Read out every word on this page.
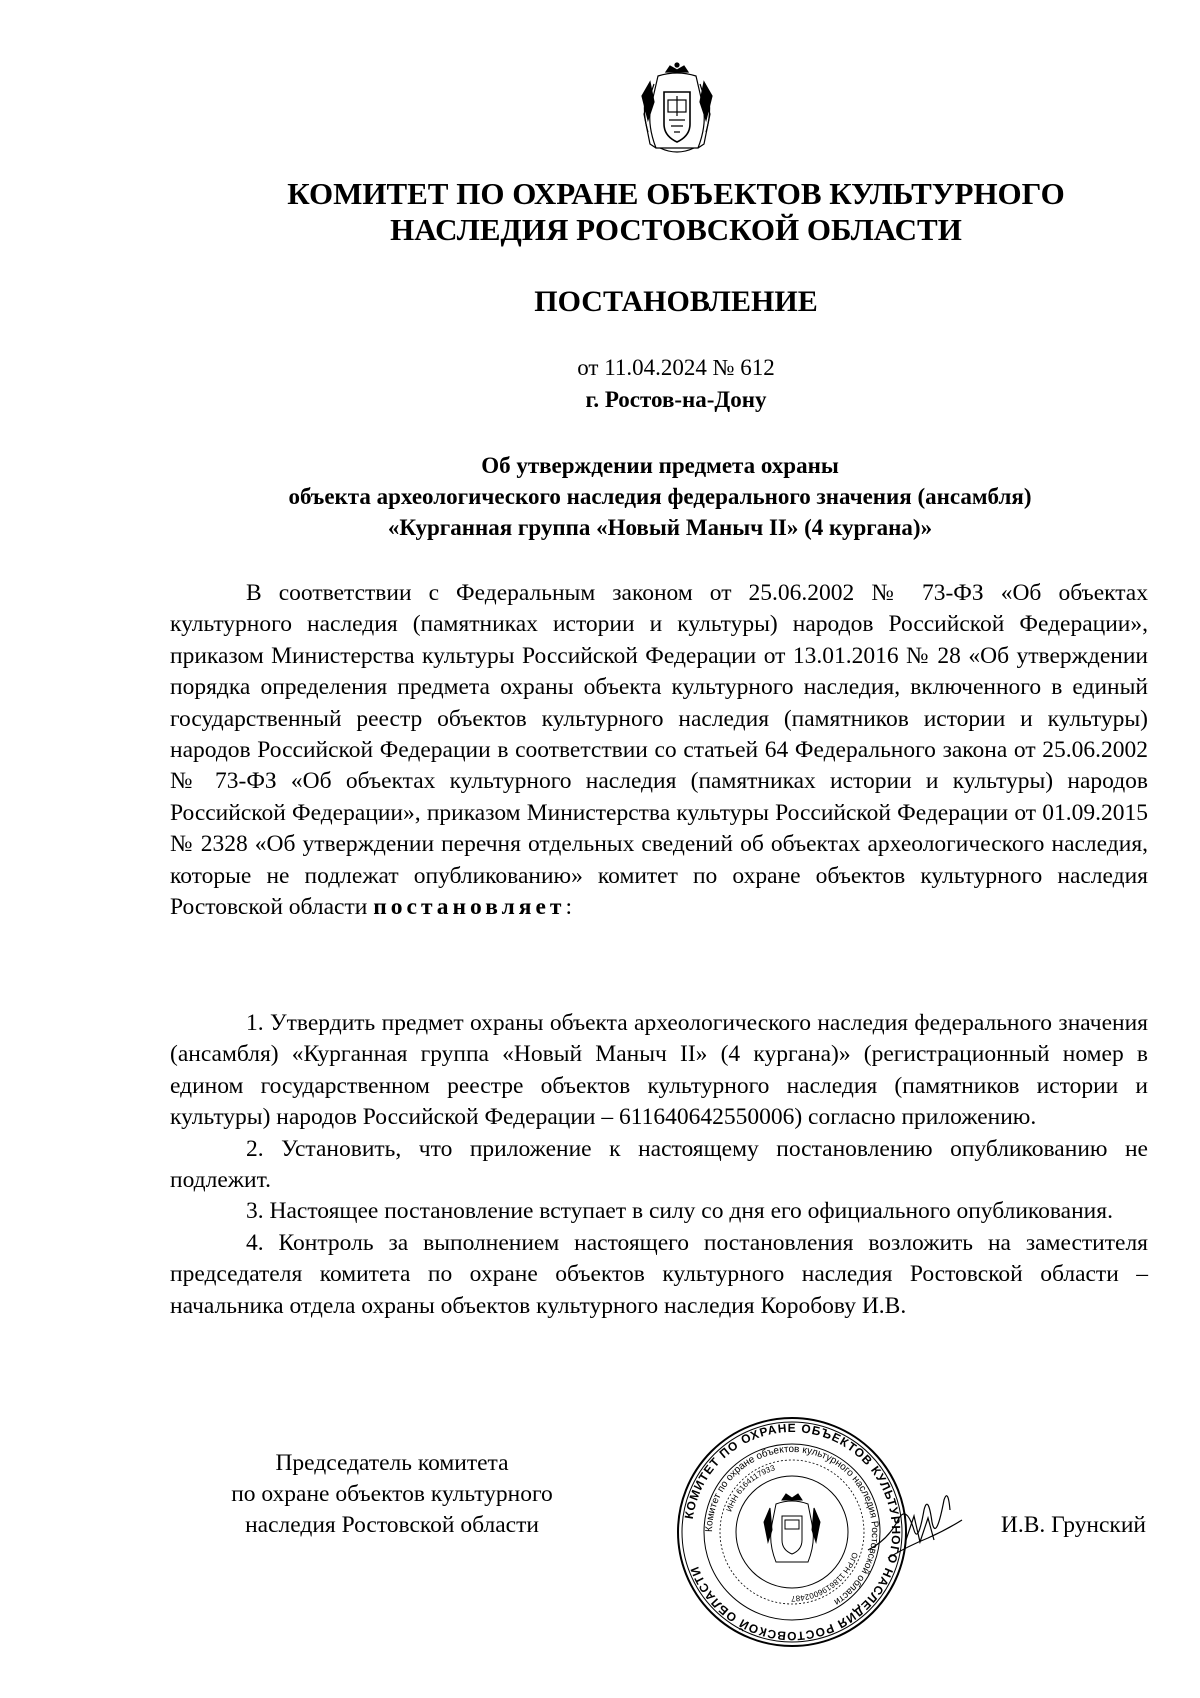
КОМИТЕТ ПО ОХРАНЕ ОБЪЕКТОВ КУЛЬТУРНОГО
НАСЛЕДИЯ РОСТОВСКОЙ ОБЛАСТИ
ПОСТАНОВЛЕНИЕ
от 11.04.2024 № 612
г. Ростов-на-Дону
Об утверждении предмета охраны
объекта археологического наследия федерального значения (ансамбля)
«Курганная группа «Новый Маныч II» (4 кургана)»

В соответствии с Федеральным законом от 25.06.2002 № 73-ФЗ «Об объектах культурного наследия (памятниках истории и культуры) народов Российской Федерации», приказом Министерства культуры Российской Федерации от 13.01.2016 № 28 «Об утверждении порядка определения предмета охраны объекта культурного наследия, включенного в единый государственный реестр объектов культурного наследия (памятников истории и культуры) народов Российской Федерации в соответствии со статьей 64 Федерального закона от 25.06.2002 № 73-ФЗ «Об объектах культурного наследия (памятниках истории и культуры) народов Российской Федерации», приказом Министерства культуры Российской Федерации от 01.09.2015 № 2328 «Об утверждении перечня отдельных сведений об объектах археологического наследия, которые не подлежат опубликованию» комитет по охране объектов культурного наследия Ростовской области постановляет:

1. Утвердить предмет охраны объекта археологического наследия федерального значения (ансамбля) «Курганная группа «Новый Маныч II» (4 кургана)» (регистрационный номер в едином государственном реестре объектов культурного наследия (памятников истории и культуры) народов Российской Федерации – 611640642550006) согласно приложению.

2. Установить, что приложение к настоящему постановлению опубликованию не подлежит.

3. Настоящее постановление вступает в силу со дня его официального опубликования.

4. Контроль за выполнением настоящего постановления возложить на заместителя председателя комитета по охране объектов культурного наследия Ростовской области – начальника отдела охраны объектов культурного наследия Коробову И.В.

Председатель комитета
по охране объектов культурного
наследия Ростовской области	КОМИТЕТ ПО ОХРАНЕ ОБЪЕКТОВ КУЛЬТУРНОГО НАСЛЕДИЯ РОСТОВСКОЙ ОБЛАСТИ
Комитет по охране объектов культурного наследия Ростовской области
ИНН 6164117933
ОГРН 1186196002487
И.В. Грунский
